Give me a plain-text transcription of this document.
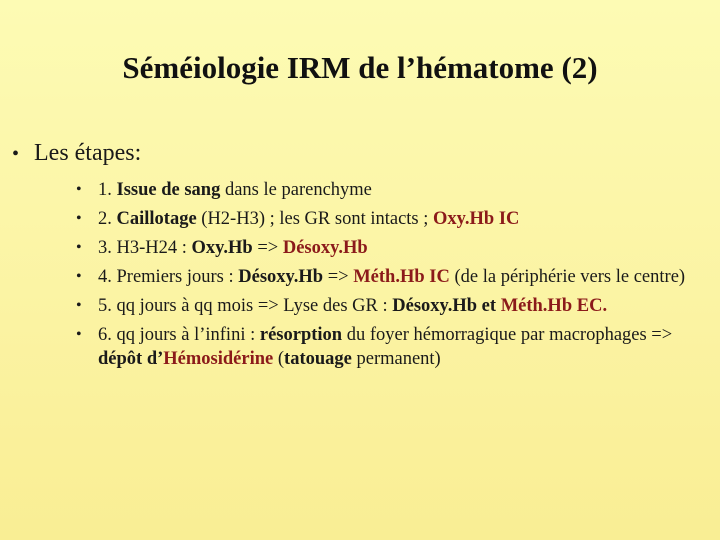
Séméiologie IRM de l’hématome (2)
• Les étapes :
• 1. Issue de sang dans le parenchyme
• 2. Caillotage (H2-H3) ; les GR sont intacts ; Oxy.Hb IC
• 3. H3-H24 : Oxy.Hb => Désoxy.Hb
• 4. Premiers jours : Désoxy.Hb => Méth.Hb IC (de la périphérie vers le centre)
• 5. qq jours à qq mois => Lyse des GR : Désoxy.Hb et Méth.Hb EC.
• 6. qq jours à l’infini : résorption du foyer hémorragique par macrophages => dépôt d’Hémosidérine (tatouage permanent)
